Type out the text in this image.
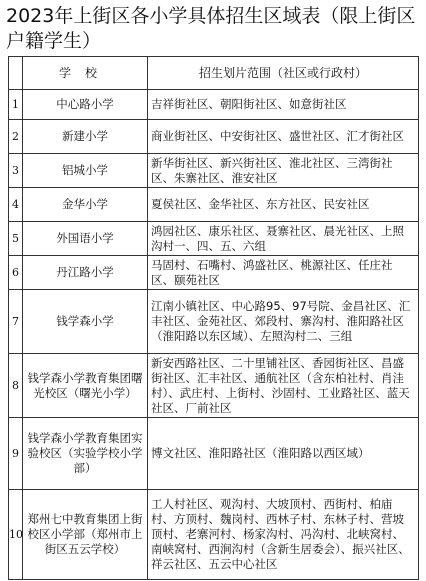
2023年上街区各小学具体招生区域表（限上街区户籍学生）
	学校	招生划片范围（社区或行政村）
1	中心路小学	吉祥街社区、朝阳街社区、如意街社区
2	新建小学	商业街社区、中安街社区、盛世社区、汇才街社区
3	铝城小学	新华街社区、新兴街社区、淮北社区、三湾街社区、朱寨社区、淮安社区
4	金华小学	夏侯社区、金华社区、东方社区、民安社区
5	外国语小学	鸿园社区、康乐社区、聂寨社区、晨光社区、上照沟村一、四、五、六组
6	丹江路小学	马固村、石嘴村、鸿盛社区、桃源社区、任庄社区、颐苑社区
7	钱学森小学	江南小镇社区、中心路95、97号院、金昌社区、汇丰社区、金苑社区、郊段村、寨沟村、淮阳路社区（淮阳路以东区域）、左照沟村二、三组
8	钱学森小学教育集团曙光校区（曙光小学）	新安西路社区、二十里铺社区、香园街社区、昌盛街社区、汇丰社区、通航社区（含东柏社村、肖洼村）、武庄村、上街村、沙固村、工业路社区、蓝天社区、厂前社区
9	钱学森小学教育集团实验校区（实验学校小学部）	博文社区、淮阳路社区（淮阳路以西区域）
10	郑州七中教育集团上街校区小学部（郑州市上街区五云学校）	工人村社区、观沟村、大坡顶村、西街村、柏庙村、方顶村、魏岗村、西林子村、东林子村、营坡顶村、老寨河村、杨家沟村、冯沟村、北峡窝村、南峡窝村、西涧沟村（含新生居委会）、振兴社区、祥云社区、五云中心社区
